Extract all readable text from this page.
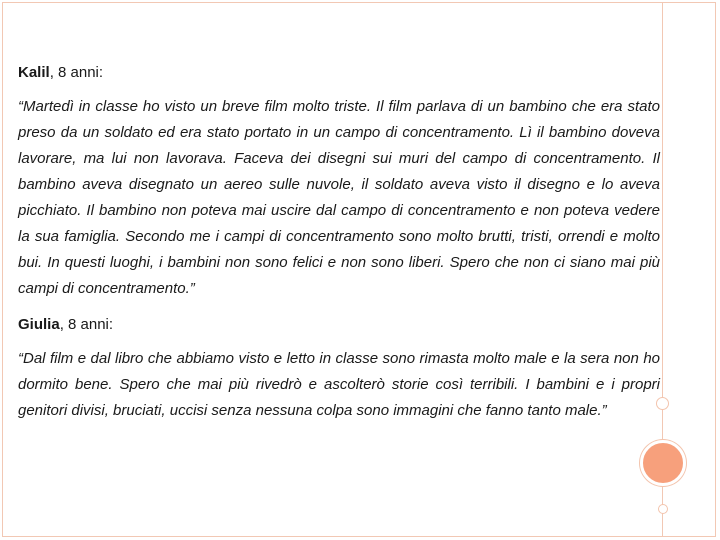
Kalil, 8 anni:

“Martedì in classe ho visto un breve film molto triste. Il film parlava di un bambino che era stato preso da un soldato ed era stato portato in un campo di concentramento. Lì il bambino doveva lavorare, ma lui non lavorava. Faceva dei disegni sui muri del campo di concentramento. Il bambino aveva disegnato un aereo sulle nuvole, il soldato aveva visto il disegno e lo aveva picchiato. Il bambino non poteva mai uscire dal campo di concentramento e non poteva vedere la sua famiglia. Secondo me i campi di concentramento sono molto brutti, tristi, orrendi e molto bui. In questi luoghi, i bambini non sono felici e non sono liberi. Spero che non ci siano mai più campi di concentramento.”

Giulia, 8 anni:

“Dal film e dal libro che abbiamo visto e letto in classe sono rimasta molto male e la sera non ho dormito bene. Spero che mai più rivedrò e ascolterò storie così terribili. I bambini e i propri genitori divisi, bruciati, uccisi senza nessuna colpa sono immagini che fanno tanto male.”
